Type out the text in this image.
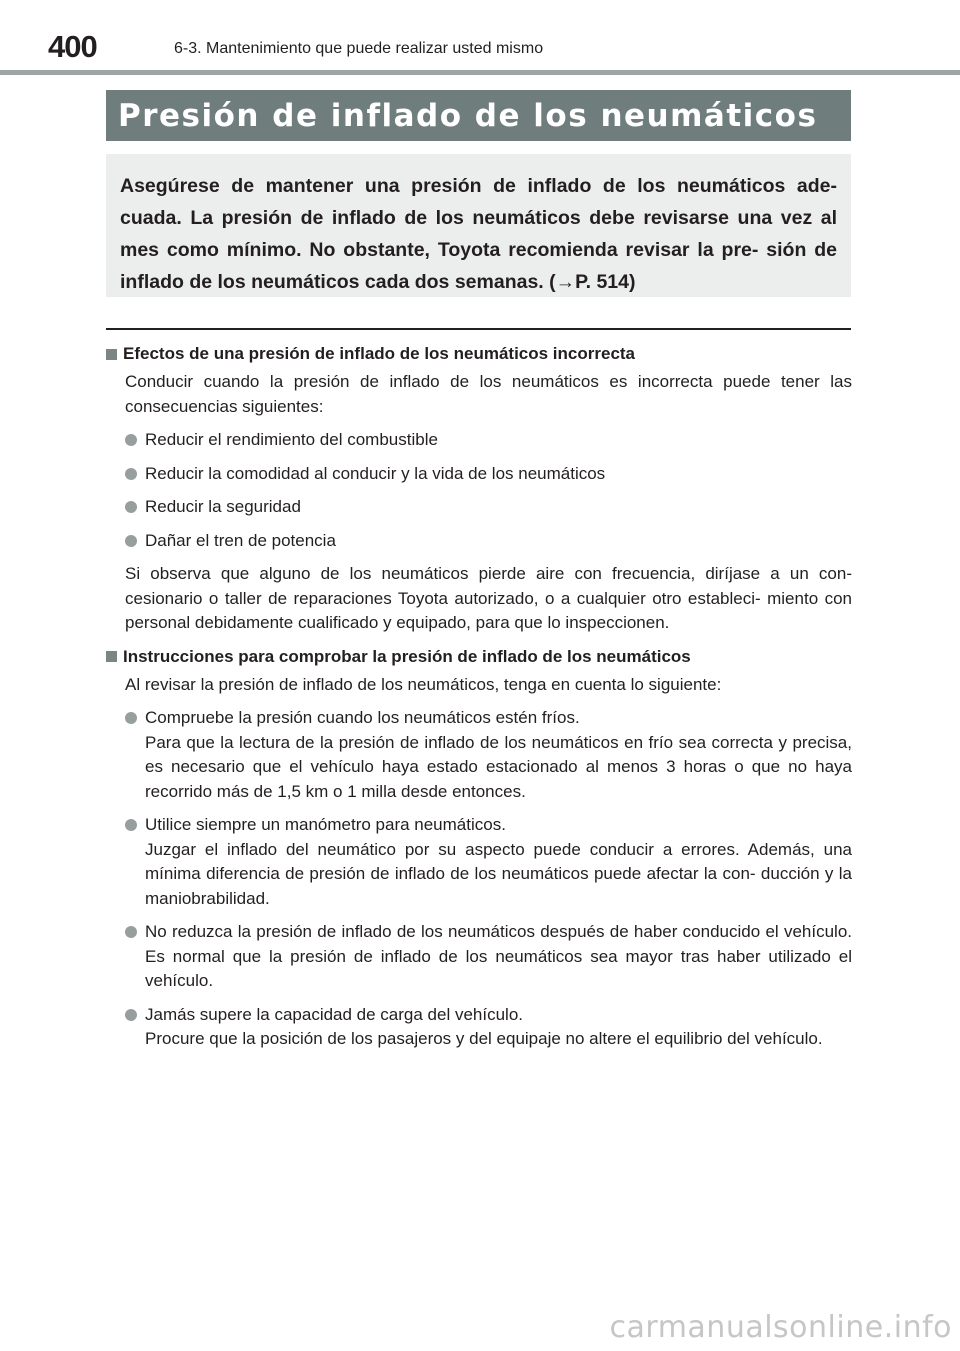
400	6-3. Mantenimiento que puede realizar usted mismo
Presión de inflado de los neumáticos

Asegúrese de mantener una presión de inflado de los neumáticos ade- cuada. La presión de inflado de los neumáticos debe revisarse una vez al mes como mínimo. No obstante, Toyota recomienda revisar la pre- sión de inflado de los neumáticos cada dos semanas. (→P. 514)

Efectos de una presión de inflado de los neumáticos incorrecta

Conducir cuando la presión de inflado de los neumáticos es incorrecta puede tener las consecuencias siguientes:

Reducir el rendimiento del combustible
Reducir la comodidad al conducir y la vida de los neumáticos
Reducir la seguridad
Dañar el tren de potencia

Si observa que alguno de los neumáticos pierde aire con frecuencia, diríjase a un con- cesionario o taller de reparaciones Toyota autorizado, o a cualquier otro estableci- miento con personal debidamente cualificado y equipado, para que lo inspeccionen.

Instrucciones para comprobar la presión de inflado de los neumáticos

Al revisar la presión de inflado de los neumáticos, tenga en cuenta lo siguiente:

Compruebe la presión cuando los neumáticos estén fríos.
Para que la lectura de la presión de inflado de los neumáticos en frío sea correcta y precisa, es necesario que el vehículo haya estado estacionado al menos 3 horas o que no haya recorrido más de 1,5 km o 1 milla desde entonces.
Utilice siempre un manómetro para neumáticos.
Juzgar el inflado del neumático por su aspecto puede conducir a errores. Además, una mínima diferencia de presión de inflado de los neumáticos puede afectar la con- ducción y la maniobrabilidad.
No reduzca la presión de inflado de los neumáticos después de haber conducido el vehículo. Es normal que la presión de inflado de los neumáticos sea mayor tras haber utilizado el vehículo.
Jamás supere la capacidad de carga del vehículo.
Procure que la posición de los pasajeros y del equipaje no altere el equilibrio del vehículo.
carmanualsonline.info
